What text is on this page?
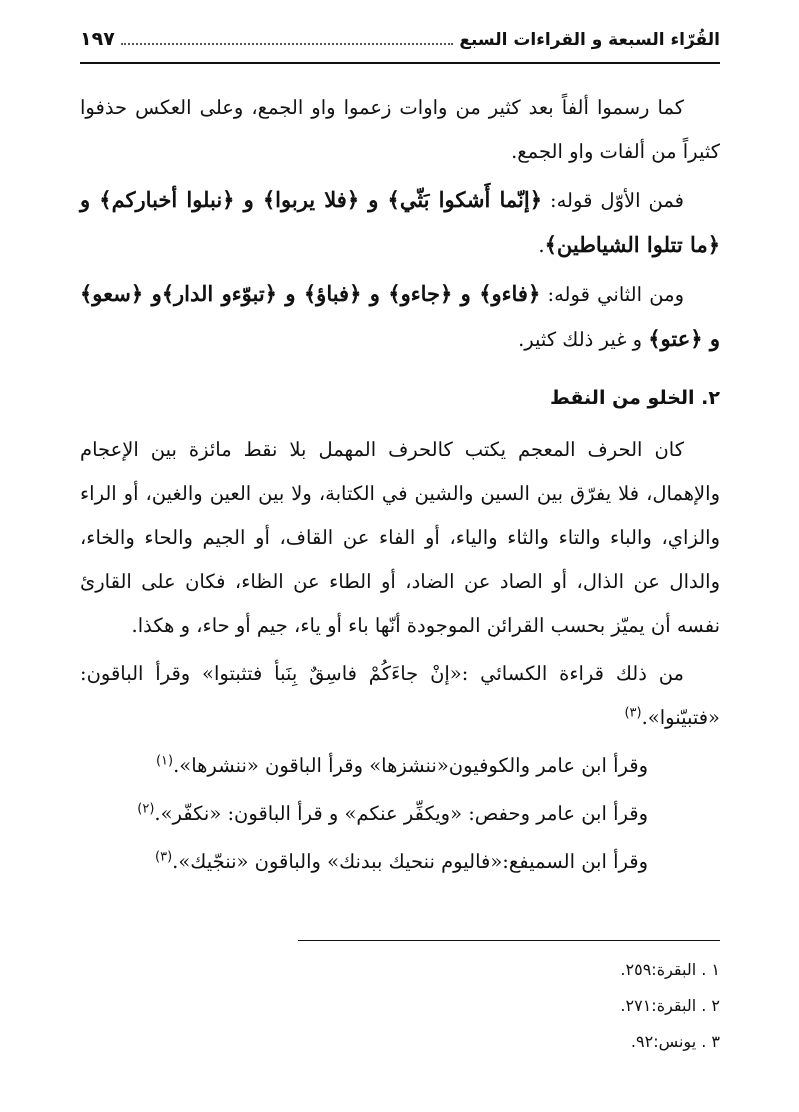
القُرّاء السبعة و القراءات السبع
١٩٧

كما رسموا ألفاً بعد كثير من واوات زعموا واو الجمع، وعلى العكس حذفوا كثيراً من ألفات واو الجمع.

فمن الأوّل قوله: ﴿إنّما أَشكوا بَثّي﴾ و ﴿فلا يربوا﴾ و ﴿نبلوا أخباركم﴾ و ﴿ما تتلوا الشياطين﴾.

ومن الثاني قوله: ﴿فاءو﴾ و ﴿جاءو﴾ و ﴿فباؤ﴾ و ﴿تبوّءو الدار﴾و ﴿سعو﴾ و ﴿عتو﴾ و غير ذلك كثير.

٢. الخلو من النقط

كان الحرف المعجم يكتب كالحرف المهمل بلا نقط مائزة بين الإعجام والإهمال، فلا يفرّق بين السين والشين في الكتابة، ولا بين العين والغين، أو الراء والزاي، والباء والتاء والثاء والياء، أو الفاء عن القاف، أو الجيم والحاء والخاء، والدال عن الذال، أو الصاد عن الضاد، أو الطاء عن الظاء، فكان على القارئ نفسه أن يميّز بحسب القرائن الموجودة أنّها باء أو ياء، جيم أو حاء، و هكذا.

من ذلك قراءة الكسائي :«إنْ جاءَكُمْ فاسِقٌ بِنَبأ فتثبتوا» وقرأ الباقون: «فتبيّنوا».$^{(٣)}$

وقرأ ابن عامر والكوفيون«ننشزها» وقرأ الباقون «ننشرها».$^{(١)}$

وقرأ ابن عامر وحفص: «ويكفِّر عنكم» و قرأ الباقون: «نكفّر».$^{(٢)}$

وقرأ ابن السميفع:«فاليوم ننحيك ببدنك» والباقون «ننجّيك».$^{(٣)}$

١ . البقرة:٢٥٩.
٢ . البقرة:٢٧١.
٣ . يونس:٩٢.
